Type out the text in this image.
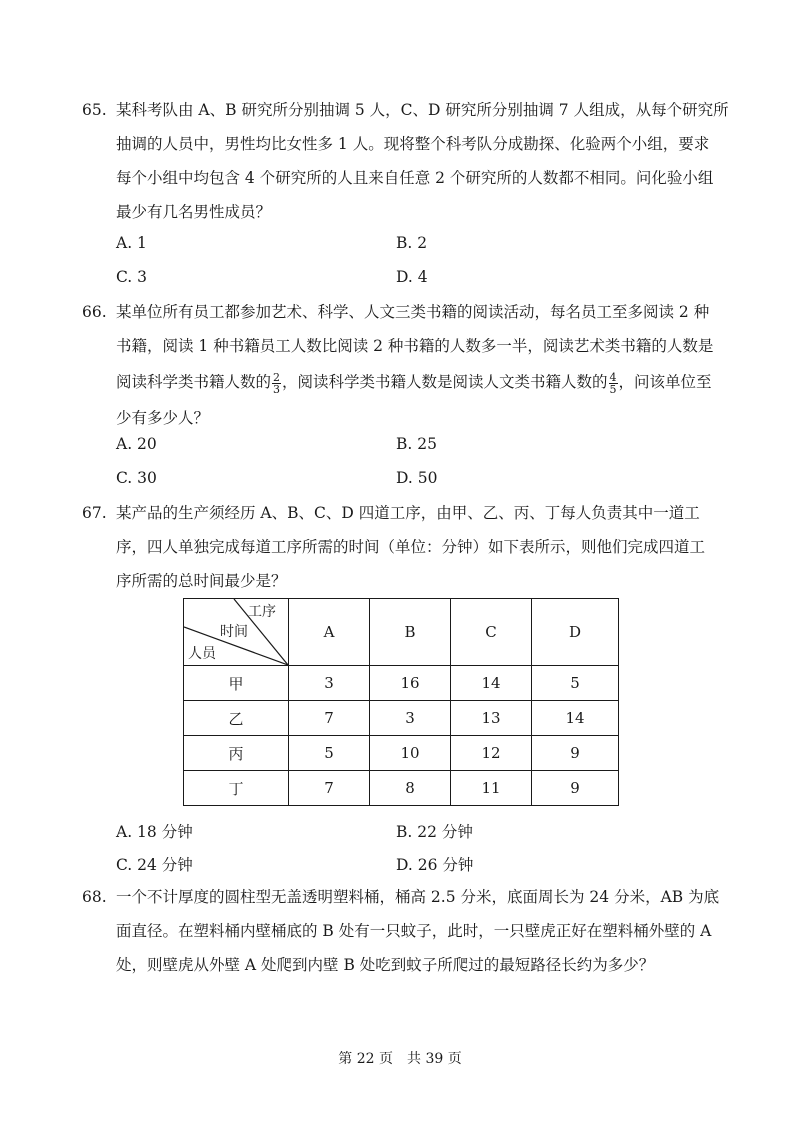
65. 某科考队由 A、B 研究所分别抽调 5 人，C、D 研究所分别抽调 7 人组成，从每个研究所
抽调的人员中，男性均比女性多 1 人。现将整个科考队分成勘探、化验两个小组，要求
每个小组中均包含 4 个研究所的人且来自任意 2 个研究所的人数都不相同。问化验小组
最少有几名男性成员？
A. 1	B. 2
C. 3	D. 4
66. 某单位所有员工都参加艺术、科学、人文三类书籍的阅读活动，每名员工至多阅读 2 种
书籍，阅读 1 种书籍员工人数比阅读 2 种书籍的人数多一半，阅读艺术类书籍的人数是
阅读科学类书籍人数的 $\frac{2}{3}$ ，阅读科学类书籍人数是阅读人文类书籍人数的 $\frac{4}{5}$ ，问该单位至
少有多少人？
A. 20	B. 25
C. 30	D. 50
67. 某产品的生产须经历 A、B、C、D 四道工序，由甲、乙、丙、丁每人负责其中一道工
序，四人单独完成每道工序所需的时间（单位：分钟）如下表所示，则他们完成四道工
序所需的总时间最少是？
工序
时间
人员	A	B	C	D
甲	3	16	14	5
乙	7	3	13	14
丙	5	10	12	9
丁	7	8	11	9
A. 18 分钟	B. 22 分钟
C. 24 分钟	D. 26 分钟
68. 一个不计厚度的圆柱型无盖透明塑料桶，桶高 2.5 分米，底面周长为 24 分米，AB 为底
面直径。在塑料桶内壁桶底的 B 处有一只蚊子，此时，一只壁虎正好在塑料桶外壁的 A
处，则壁虎从外壁 A 处爬到内壁 B 处吃到蚊子所爬过的最短路径长约为多少？
第 22 页　共 39 页
